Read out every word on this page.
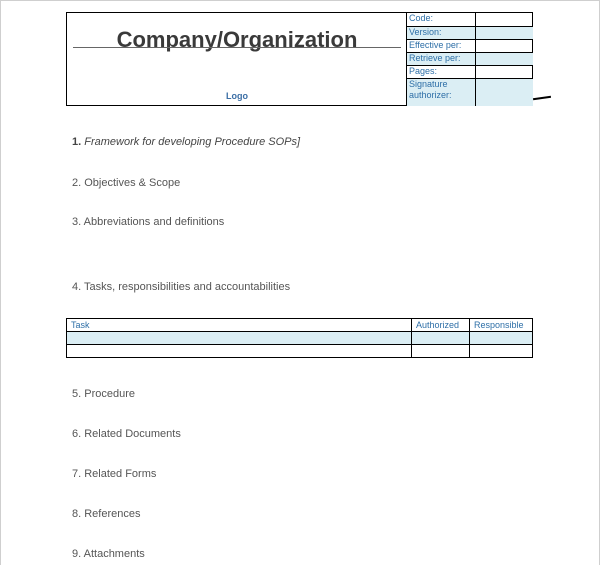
Company/Organization
Logo
Code:	
Version:	
Effective per:	
Retrieve per:	
Pages:	
Signature authorizer:	
1. Framework for developing Procedure SOPs]
2. Objectives & Scope
3. Abbreviations and definitions
4. Tasks, responsibilities and accountabilities
Task	Authorized	Responsible

5. Procedure
6. Related Documents
7. Related Forms
8. References
9. Attachments
